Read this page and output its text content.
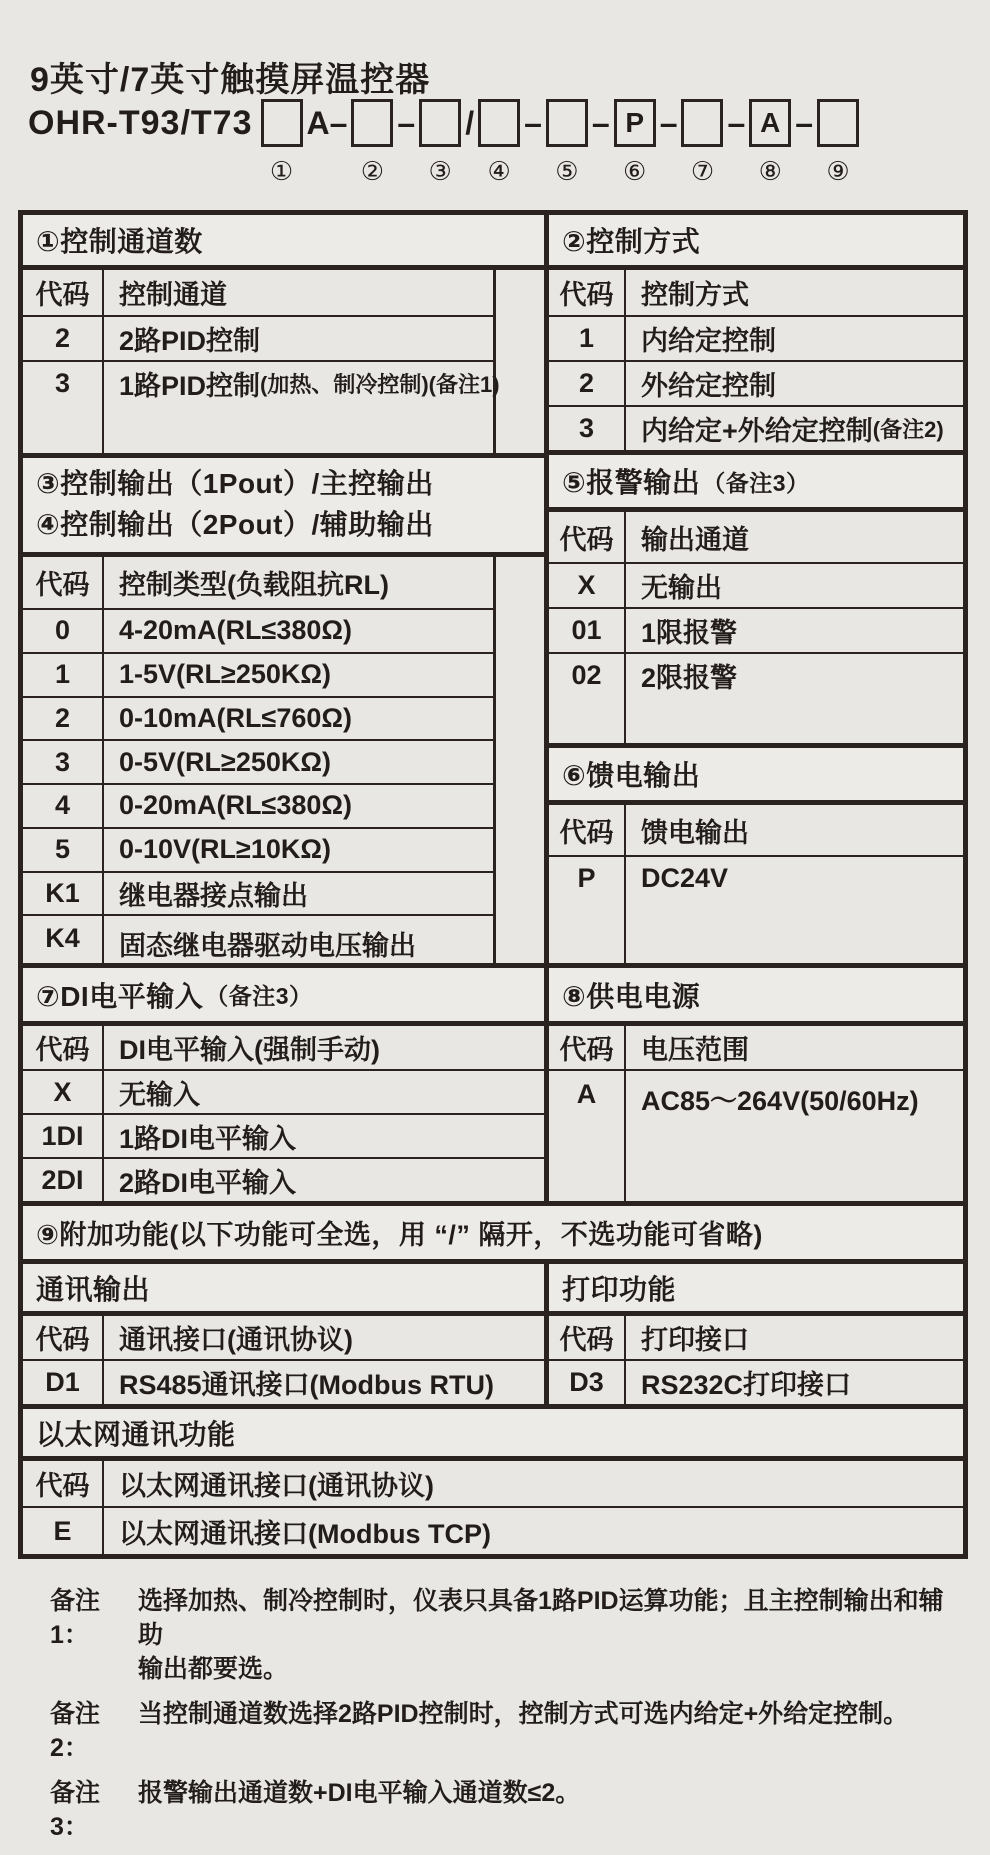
9英寸/7英寸触摸屏温控器
OHR-T93/T73
①
A–
②
–
③
/
④
–
⑤
– P
⑥
–
⑦
– A
⑧
–
⑨
①控制通道数
代码	控制通道
2	2路PID控制
3	1路PID控制 (加热、制冷控制)(备注1)
③控制输出（1Pout）/主控输出
④控制输出（2Pout）/辅助输出
代码	控制类型(负载阻抗RL)
0	4-20mA(RL≤380Ω)
1	1-5V(RL≥250KΩ)
2	0-10mA(RL≤760Ω)
3	0-5V(RL≥250KΩ)
4	0-20mA(RL≤380Ω)
5	0-10V(RL≥10KΩ)
K1	继电器接点输出
K4	固态继电器驱动电压输出
②控制方式
代码	控制方式
1	内给定控制
2	外给定控制
3	内给定+外给定控制 (备注2)
⑤报警输出 （备注3）
代码	输出通道
X	无输出
01	1限报警
02	2限报警
⑥馈电输出
代码	馈电输出
P	DC24V
⑦DI电平输入 （备注3）
代码	DI电平输入(强制手动)
X	无输入
1DI	1路DI电平输入
2DI	2路DI电平输入
⑧供电电源
代码	电压范围
A	AC85～264V(50/60Hz)
⑨附加功能(以下功能可全选，用 “/” 隔开，不选功能可省略)
通讯输出
代码	通讯接口(通讯协议)
D1	RS485通讯接口(Modbus RTU)
打印功能
代码	打印接口
D3	RS232C打印接口
以太网通讯功能
代码	以太网通讯接口(通讯协议)
E	以太网通讯接口(Modbus TCP)
备注1：
选择加热、制冷控制时，仪表只具备1路PID运算功能；且主控制输出和辅助
输出都要选。
备注2：
当控制通道数选择2路PID控制时，控制方式可选内给定+外给定控制。
备注3：
报警输出通道数+DI电平输入通道数≤2。
